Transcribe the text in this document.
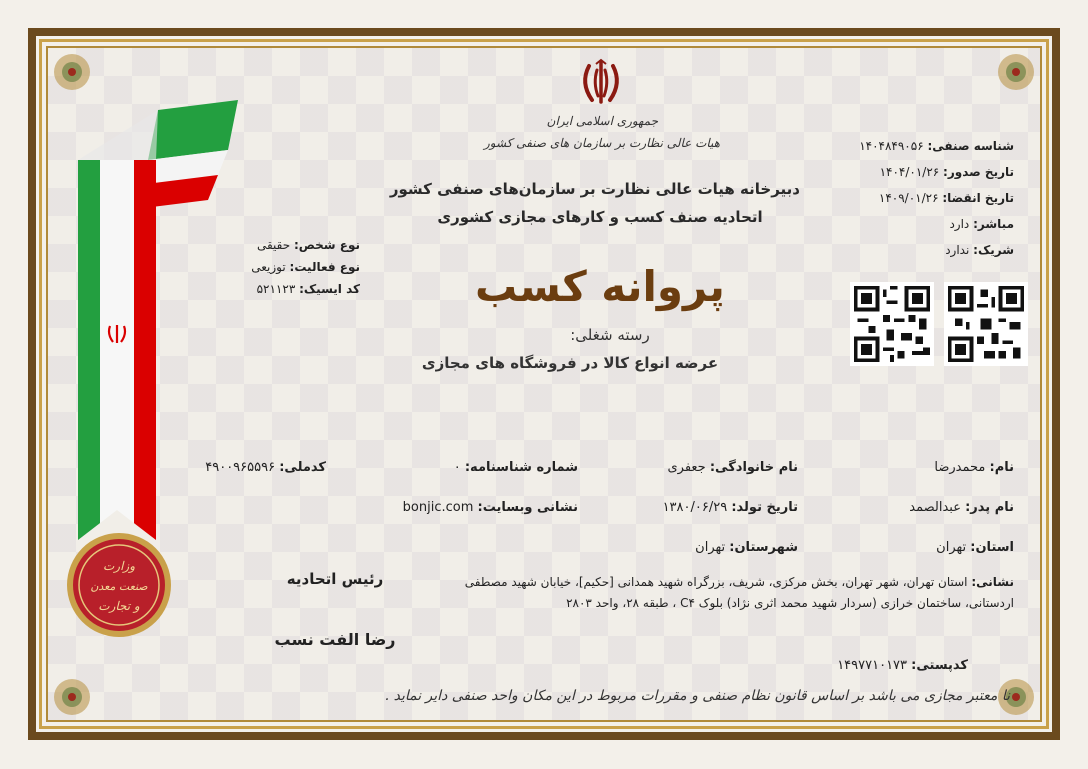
وزارت
صنعت معدن
و تجارت
جمهوری اسلامی ایران
هیات عالی نظارت بر سازمان های صنفی کشور
دبیرخانه هیات عالی نظارت بر سازمان‌های صنفی کشور
اتحادیه صنف کسب و کارهای مجازی کشوری
پروانه کسب
رسته شغلی:
عرضه انواع کالا در فروشگاه های مجازی
شناسه صنفی: ۱۴۰۴۸۴۹۰۵۶
تاریخ صدور: ۱۴۰۴/۰۱/۲۶
تاریخ انقضا: ۱۴۰۹/۰۱/۲۶
مباشر: دارد
شریک: ندارد
نوع شخص: حقیقی
نوع فعالیت: توزیعی
کد ایسیک: ۵۲۱۱۲۳
نام: محمدرضا
نام خانوادگی: جعفری
شماره شناسنامه: ۰
کدملی: ۴۹۰۰۹۶۵۵۹۶
نام پدر: عبدالصمد
تاریخ تولد: ۱۳۸۰/۰۶/۲۹
نشانی وبسایت: bonjic.com
استان: تهران
شهرستان: تهران
نشانی: استان تهران، شهر تهران، بخش مرکزی، شریف، بزرگراه شهید همدانی [حکیم]، خیابان شهید مصطفی اردستانی، ساختمان خرازی (سردار شهید محمد اثری نژاد) بلوک C۴ ، طبقه ۲۸، واحد ۲۸۰۳
کدپستی: ۱۴۹۷۷۱۰۱۷۳
رئیس اتحادیه
رضا الفت نسب
نا معتبر مجازی می باشد بر اساس قانون نظام صنفی و مقررات مربوط در این مکان واحد صنفی دایر نماید .
